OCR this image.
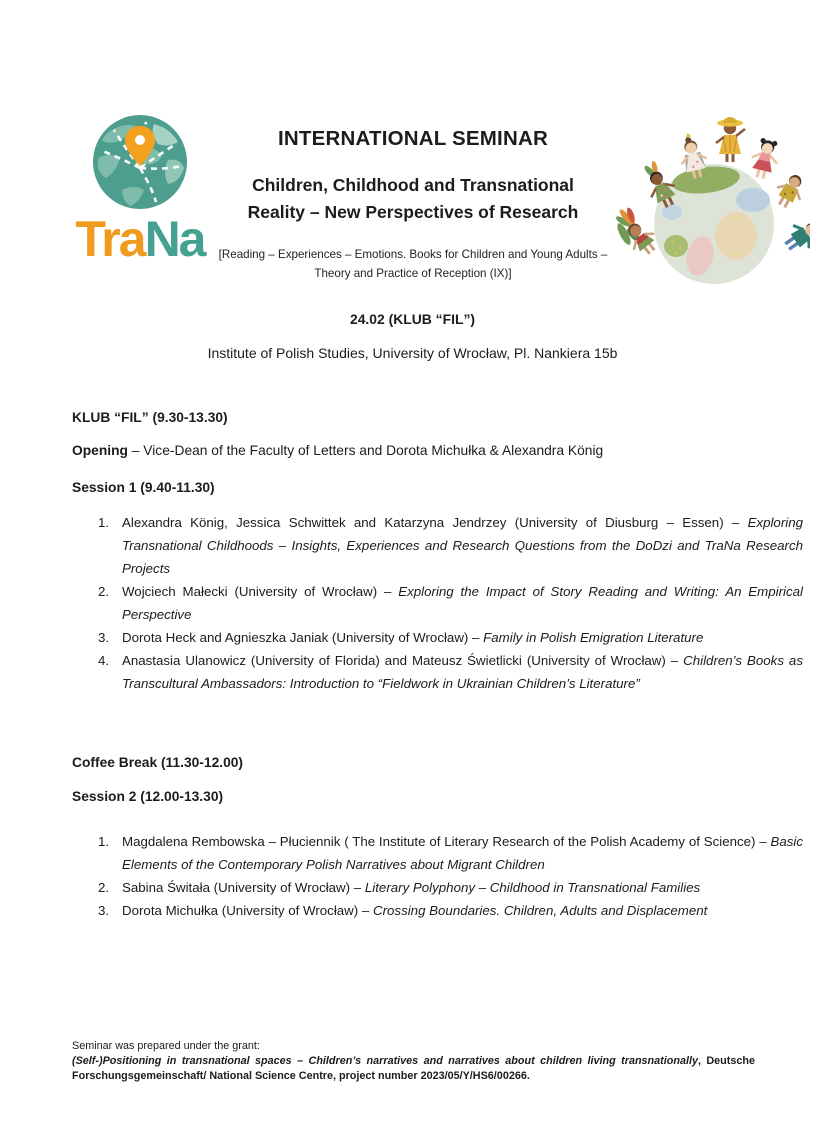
TraNa
INTERNATIONAL SEMINAR
Children, Childhood and Transnational
Reality – New Perspectives of Research
[Reading – Experiences – Emotions. Books for Children and Young Adults –
Theory and Practice of Reception (IX)]
24.02 (KLUB “FIL”)
Institute of Polish Studies, University of Wrocław, Pl. Nankiera 15b
KLUB “FIL” (9.30-13.30)
Opening – Vice-Dean of the Faculty of Letters and Dorota Michułka & Alexandra König
Session 1 (9.40-11.30)
Alexandra König, Jessica Schwittek and Katarzyna Jendrzey (University of Diusburg – Essen) – Exploring Transnational Childhoods – Insights, Experiences and Research Questions from the DoDzi and TraNa Research Projects
Wojciech Małecki (University of Wrocław) – Exploring the Impact of Story Reading and Writing: An Empirical Perspective
Dorota Heck and Agnieszka Janiak (University of Wrocław) – Family in Polish Emigration Literature
Anastasia Ulanowicz (University of Florida) and Mateusz Świetlicki (University of Wrocław) – Children’s Books as Transcultural Ambassadors: Introduction to “Fieldwork in Ukrainian Children’s Literature”
Coffee Break (11.30-12.00)
Session 2 (12.00-13.30)
Magdalena Rembowska – Płuciennik ( The Institute of Literary Research of the Polish Academy of Science) – Basic Elements of the Contemporary Polish Narratives about Migrant Children
Sabina Świtała (University of Wrocław) – Literary Polyphony – Childhood in Transnational Families
Dorota Michułka (University of Wrocław) – Crossing Boundaries. Children, Adults and Displacement
Seminar was prepared under the grant:
(Self-)Positioning in transnational spaces – Children’s narratives and narratives about children living transnationally, Deutsche Forschungsgemeinschaft/ National Science Centre, project number 2023/05/Y/HS6/00266.
